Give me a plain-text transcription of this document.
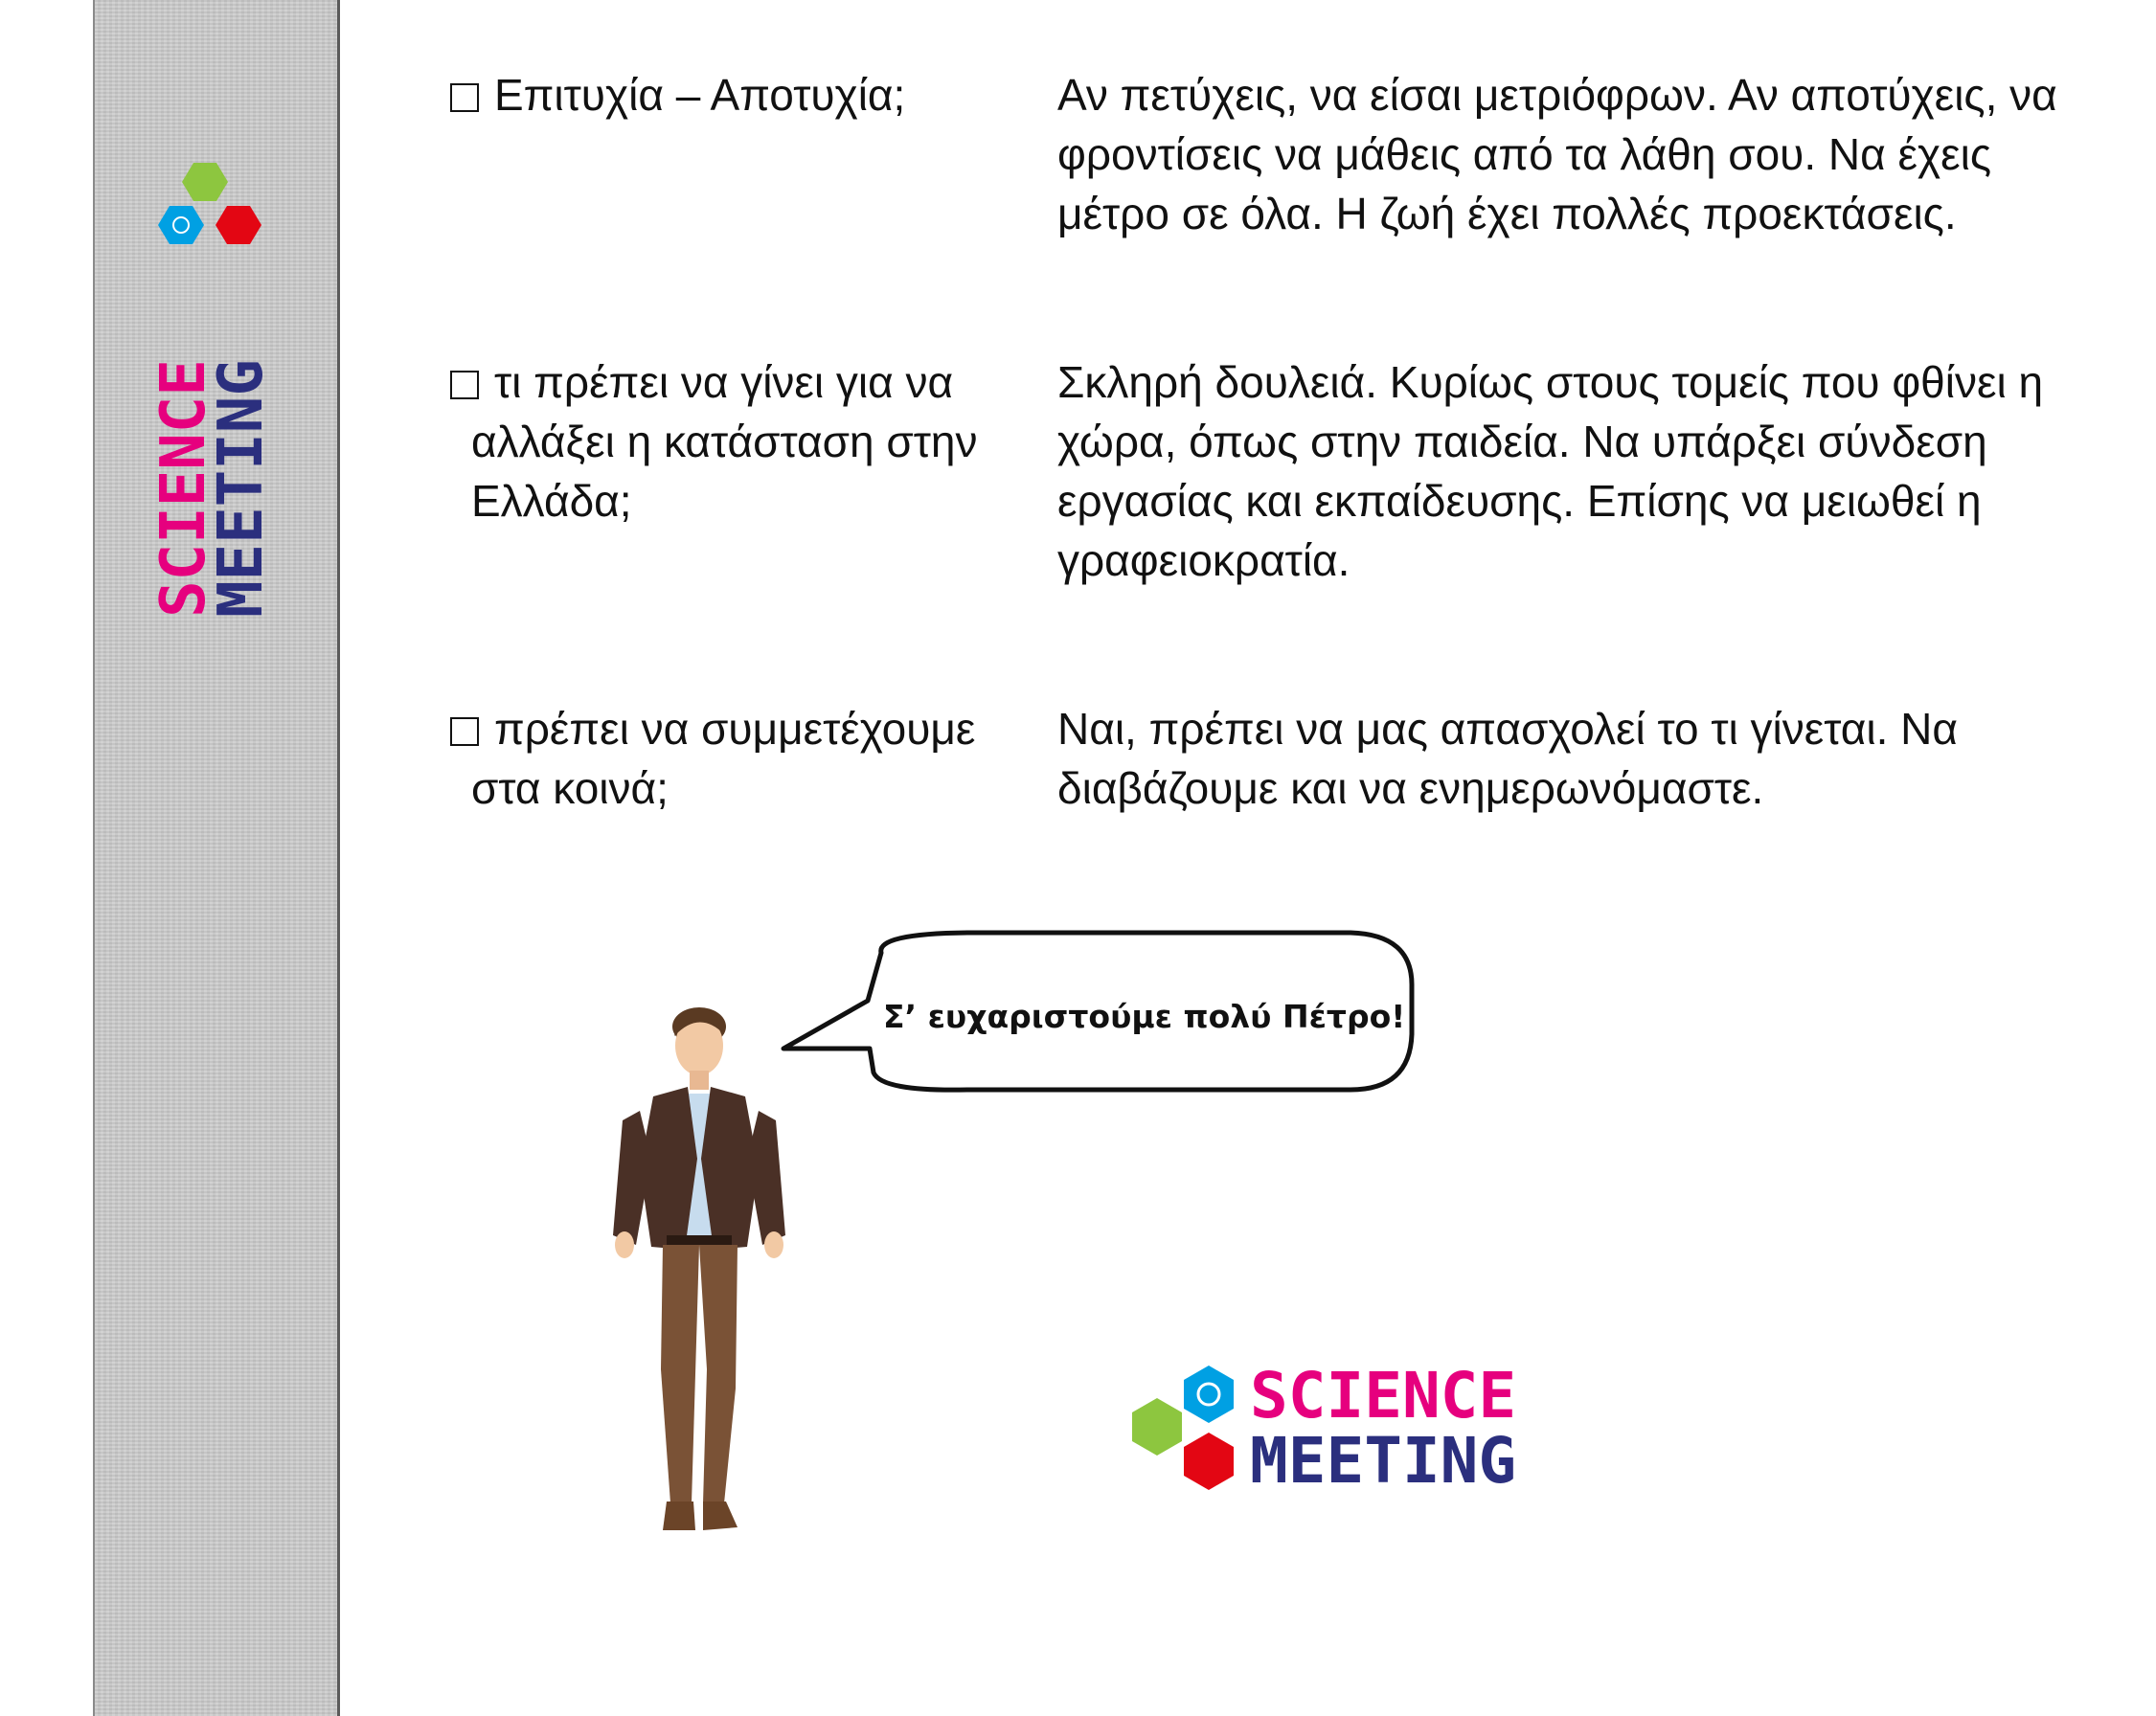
SCIENCE
MEETING
Επιτυχία – Αποτυχία;	Αν πετύχεις, να είσαι μετριόφρων. Αν αποτύχεις, να
φροντίσεις να μάθεις από τα λάθη σου. Να έχεις
μέτρο σε όλα. Η ζωή έχει πολλές προεκτάσεις.
τι πρέπει να γίνει για να
αλλάξει η κατάσταση στην
Ελλάδα;
Σκληρή δουλειά. Κυρίως στους τομείς που φθίνει η
χώρα, όπως στην παιδεία. Να υπάρξει σύνδεση
εργασίας και εκπαίδευσης. Επίσης να μειωθεί η
γραφειοκρατία.
πρέπει να συμμετέχουμε
στα κοινά;
Ναι, πρέπει να μας απασχολεί το τι γίνεται. Να
διαβάζουμε και να ενημερωνόμαστε.
Σ’ ευχαριστούμε πολύ Πέτρο!
SCIENCE
MEETING
